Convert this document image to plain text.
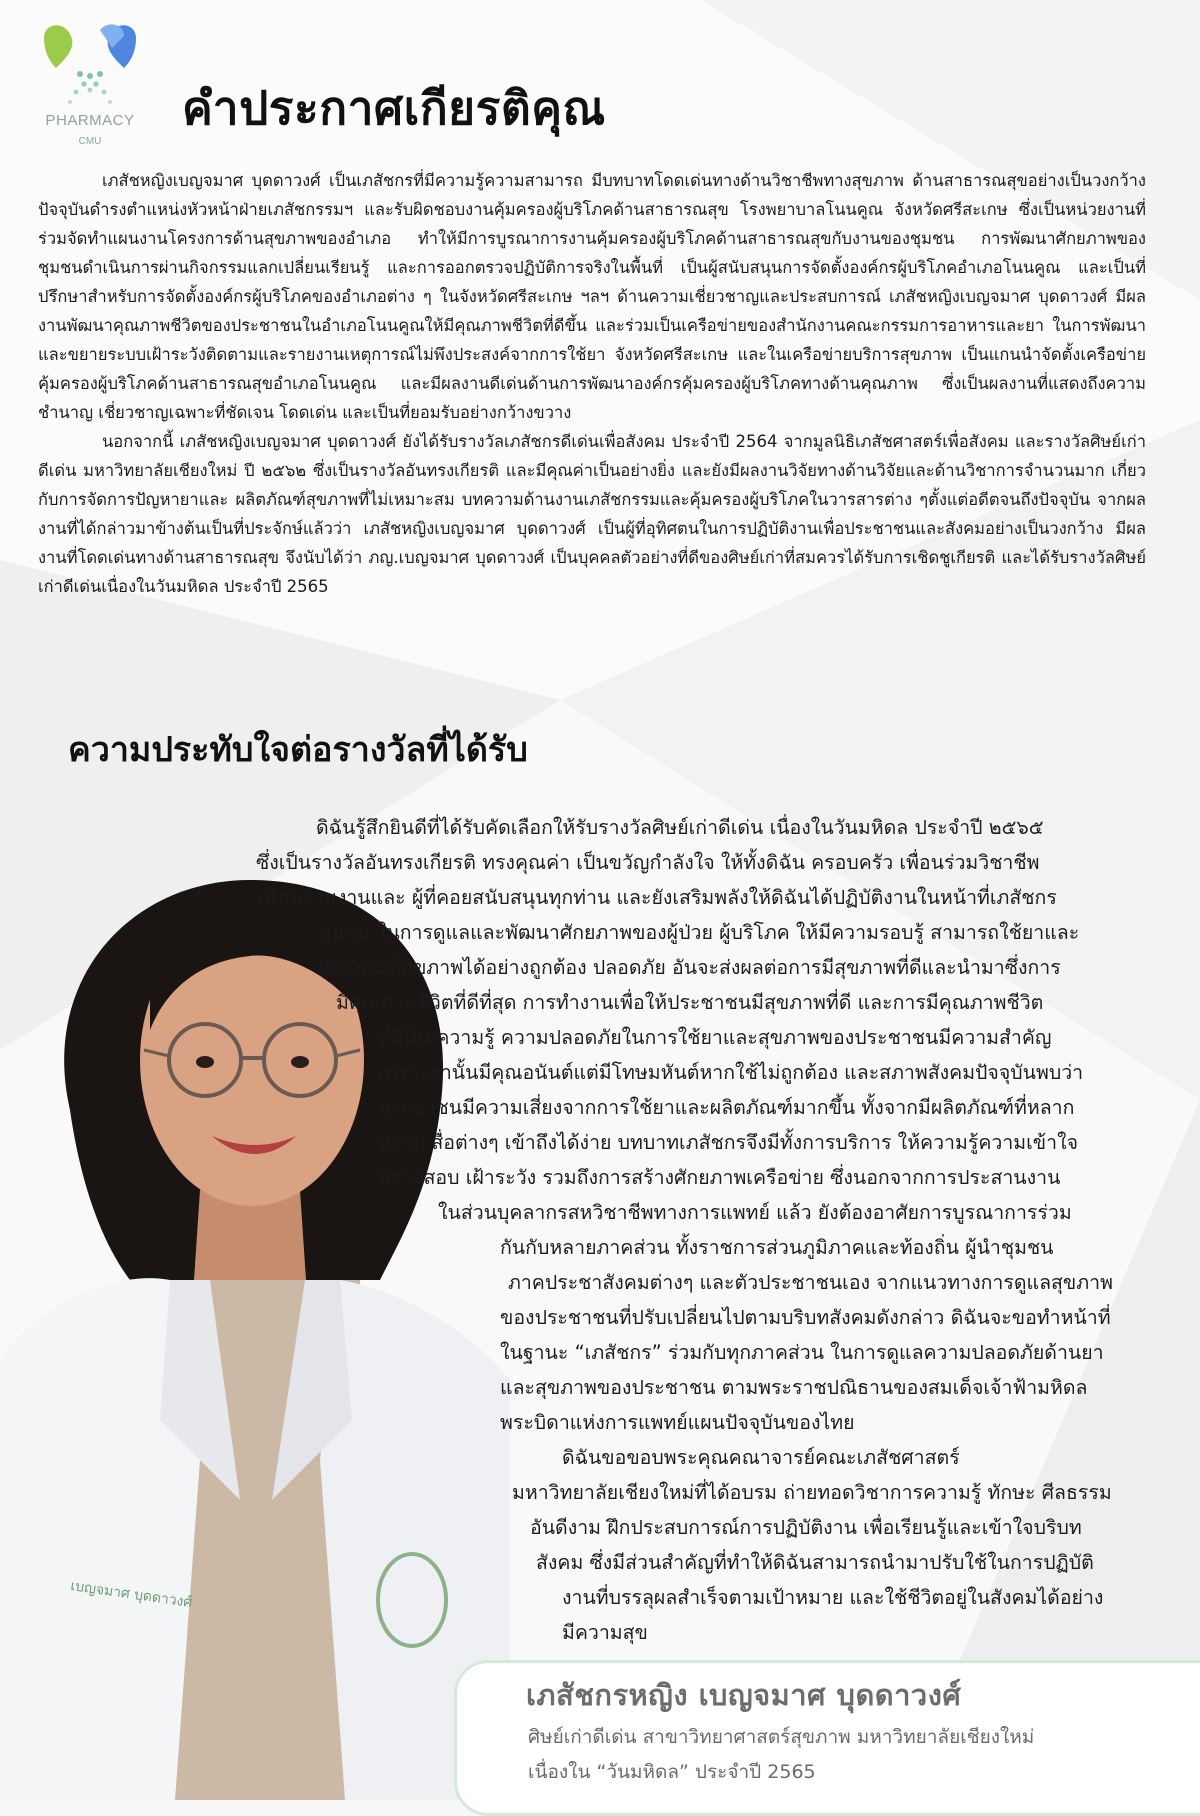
PHARMACY
CMU
คำประกาศเกียรติคุณ

เภสัชหญิงเบญจมาศ บุดดาวงศ์ เป็นเภสัชกรที่มีความรู้ความสามารถ มีบทบาทโดดเด่นทางด้านวิชาชีพทางสุขภาพ ด้านสาธารณสุขอย่างเป็นวงกว้าง ปัจจุบันดำรงตำแหน่งหัวหน้าฝ่ายเภสัชกรรมฯ และรับผิดชอบงานคุ้มครองผู้บริโภคด้านสาธารณสุข โรงพยาบาลโนนคูณ จังหวัดศรีสะเกษ ซึ่งเป็นหน่วยงานที่ร่วมจัดทำแผนงานโครงการด้านสุขภาพของอำเภอ ทำให้มีการบูรณาการงานคุ้มครองผู้บริโภคด้านสาธารณสุขกับงานของชุมชน การพัฒนาศักยภาพของชุมชนดำเนินการผ่านกิจกรรมแลกเปลี่ยนเรียนรู้ และการออกตรวจปฏิบัติการจริงในพื้นที่ เป็นผู้สนับสนุนการจัดตั้งองค์กรผู้บริโภคอำเภอโนนคูณ และเป็นที่ปรึกษาสำหรับการจัดตั้งองค์กรผู้บริโภคของอำเภอต่าง ๆ ในจังหวัดศรีสะเกษ ฯลฯ ด้านความเชี่ยวชาญและประสบการณ์ เภสัชหญิงเบญจมาศ บุดดาวงศ์ มีผลงานพัฒนาคุณภาพชีวิตของประชาชนในอำเภอโนนคูณให้มีคุณภาพชีวิตที่ดีขึ้น และร่วมเป็นเครือข่ายของสำนักงานคณะกรรมการอาหารและยา ในการพัฒนาและขยายระบบเฝ้าระวังติดตามและรายงานเหตุการณ์ไม่พึงประสงค์จากการใช้ยา จังหวัดศรีสะเกษ และในเครือข่ายบริการสุขภาพ เป็นแกนนำจัดตั้งเครือข่ายคุ้มครองผู้บริโภคด้านสาธารณสุขอำเภอโนนคูณ และมีผลงานดีเด่นด้านการพัฒนาองค์กรคุ้มครองผู้บริโภคทางด้านคุณภาพ ซึ่งเป็นผลงานที่แสดงถึงความชำนาญ เชี่ยวชาญเฉพาะที่ชัดเจน โดดเด่น และเป็นที่ยอมรับอย่างกว้างขวาง

นอกจากนี้ เภสัชหญิงเบญจมาศ บุดดาวงศ์ ยังได้รับรางวัลเภสัชกรดีเด่นเพื่อสังคม ประจำปี 2564 จากมูลนิธิเภสัชศาสตร์เพื่อสังคม และรางวัลศิษย์เก่าดีเด่น มหาวิทยาลัยเชียงใหม่ ปี ๒๕๖๒ ซึ่งเป็นรางวัลอันทรงเกียรติ และมีคุณค่าเป็นอย่างยิ่ง และยังมีผลงานวิจัยทางด้านวิจัยและด้านวิชาการจำนวนมาก เกี่ยวกับการจัดการปัญหายาและ ผลิตภัณฑ์สุขภาพที่ไม่เหมาะสม บทความด้านงานเภสัชกรรมและคุ้มครองผู้บริโภคในวารสารต่าง ๆตั้งแต่อดีตจนถึงปัจจุบัน จากผลงานที่ได้กล่าวมาข้างต้นเป็นที่ประจักษ์แล้วว่า เภสัชหญิงเบญจมาศ บุดดาวงศ์ เป็นผู้ที่อุทิศตนในการปฏิบัติงานเพื่อประชาชนและสังคมอย่างเป็นวงกว้าง มีผลงานที่โดดเด่นทางด้านสาธารณสุข จึงนับได้ว่า ภญ.เบญจมาศ บุดดาวงศ์ เป็นบุคคลตัวอย่างที่ดีของศิษย์เก่าที่สมควรได้รับการเชิดชูเกียรติ และได้รับรางวัลศิษย์เก่าดีเด่นเนื่องในวันมหิดล ประจำปี 2565

ความประทับใจต่อรางวัลที่ได้รับ
เบญจมาศ บุดดาวงศ์
ดิฉันรู้สึกยินดีที่ได้รับคัดเลือกให้รับรางวัลศิษย์เก่าดีเด่น เนื่องในวันมหิดล ประจำปี ๒๕๖๕
ซึ่งเป็นรางวัลอันทรงเกียรติ ทรงคุณค่า เป็นขวัญกำลังใจ ให้ทั้งดิฉัน ครอบครัว เพื่อนร่วมวิชาชีพ
เพื่อนร่วมงานและ ผู้ที่คอยสนับสนุนทุกท่าน และยังเสริมพลังให้ดิฉันได้ปฏิบัติงานในหน้าที่เภสัชกร
ชุมชน ในการดูแลและพัฒนาศักยภาพของผู้ป่วย ผู้บริโภค ให้มีความรอบรู้ สามารถใช้ยาและ
ผลิตภัณฑ์สุขภาพได้อย่างถูกต้อง ปลอดภัย อันจะส่งผลต่อการมีสุขภาพที่ดีและนำมาซึ่งการ
มีคุณภาพชีวิตที่ดีที่สุด การทำงานเพื่อให้ประชาชนมีสุขภาพที่ดี และการมีคุณภาพชีวิต
ที่ดีนั้น ความรู้ ความปลอดภัยในการใช้ยาและสุขภาพของประชาชนมีความสำคัญ
เพราะยานั้นมีคุณอนันต์แต่มีโทษมหันต์หากใช้ไม่ถูกต้อง และสภาพสังคมปัจจุบันพบว่า
ประชาชนมีความเสี่ยงจากการใช้ยาและผลิตภัณฑ์มากขึ้น ทั้งจากมีผลิตภัณฑ์ที่หลาก
หลาย สื่อต่างๆ เข้าถึงได้ง่าย บทบาทเภสัชกรจึงมีทั้งการบริการ ให้ความรู้ความเข้าใจ
ตรวจสอบ เฝ้าระวัง รวมถึงการสร้างศักยภาพเครือข่าย ซึ่งนอกจากการประสานงาน
ในส่วนบุคลากรสหวิชาชีพทางการแพทย์ แล้ว ยังต้องอาศัยการบูรณาการร่วม
กันกับหลายภาคส่วน ทั้งราชการส่วนภูมิภาคและท้องถิ่น ผู้นำชุมชน
ภาคประชาสังคมต่างๆ และตัวประชาชนเอง จากแนวทางการดูแลสุขภาพ
ของประชาชนที่ปรับเปลี่ยนไปตามบริบทสังคมดังกล่าว ดิฉันจะขอทำหน้าที่
ในฐานะ “เภสัชกร” ร่วมกับทุกภาคส่วน ในการดูแลความปลอดภัยด้านยา
และสุขภาพของประชาชน ตามพระราชปณิธานของสมเด็จเจ้าฟ้ามหิดล
พระบิดาแห่งการแพทย์แผนปัจจุบันของไทย
ดิฉันขอขอบพระคุณคณาจารย์คณะเภสัชศาสตร์
มหาวิทยาลัยเชียงใหม่ที่ได้อบรม ถ่ายทอดวิชาการความรู้ ทักษะ ศีลธรรม
อันดีงาม ฝึกประสบการณ์การปฏิบัติงาน เพื่อเรียนรู้และเข้าใจบริบท
สังคม ซึ่งมีส่วนสำคัญที่ทำให้ดิฉันสามารถนำมาปรับใช้ในการปฏิบัติ
งานที่บรรลุผลสำเร็จตามเป้าหมาย และใช้ชีวิตอยู่ในสังคมได้อย่าง
มีความสุข
เภสัชกรหญิง เบญจมาศ บุดดาวงศ์
ศิษย์เก่าดีเด่น สาขาวิทยาศาสตร์สุขภาพ มหาวิทยาลัยเชียงใหม่
เนื่องใน “วันมหิดล” ประจำปี 2565
